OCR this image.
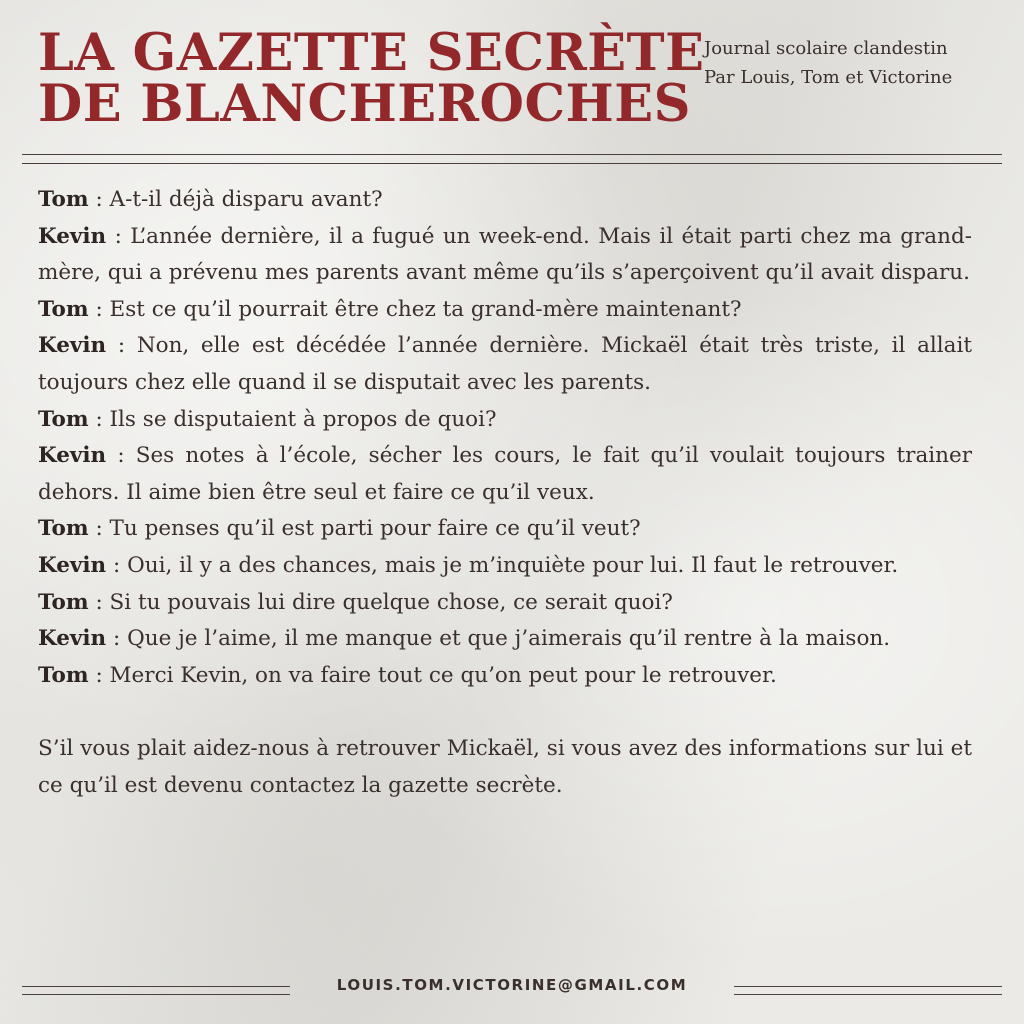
LA GAZETTE SECRÈTE
DE BLANCHEROCHES
Journal scolaire clandestin
Par Louis, Tom et Victorine

Tom : A-t-il déjà disparu avant?

Kevin : L’année dernière, il a fugué un week-end. Mais il était parti chez ma grand-mère, qui a prévenu mes parents avant même qu’ils s’aperçoivent qu’il avait disparu.

Tom : Est ce qu’il pourrait être chez ta grand-mère maintenant?

Kevin : Non, elle est décédée l’année dernière. Mickaël était très triste, il allait toujours chez elle quand il se disputait avec les parents.

Tom : Ils se disputaient à propos de quoi?

Kevin : Ses notes à l’école, sécher les cours, le fait qu’il voulait toujours trainer dehors. Il aime bien être seul et faire ce qu’il veux.

Tom : Tu penses qu’il est parti pour faire ce qu’il veut?

Kevin : Oui, il y a des chances, mais je m’inquiète pour lui. Il faut le retrouver.

Tom : Si tu pouvais lui dire quelque chose, ce serait quoi?

Kevin : Que je l’aime, il me manque et que j’aimerais qu’il rentre à la maison.

Tom : Merci Kevin, on va faire tout ce qu’on peut pour le retrouver.

S’il vous plait aidez-nous à retrouver Mickaël, si vous avez des informations sur lui et ce qu’il est devenu contactez la gazette secrète.

LOUIS.TOM.VICTORINE@GMAIL.COM
